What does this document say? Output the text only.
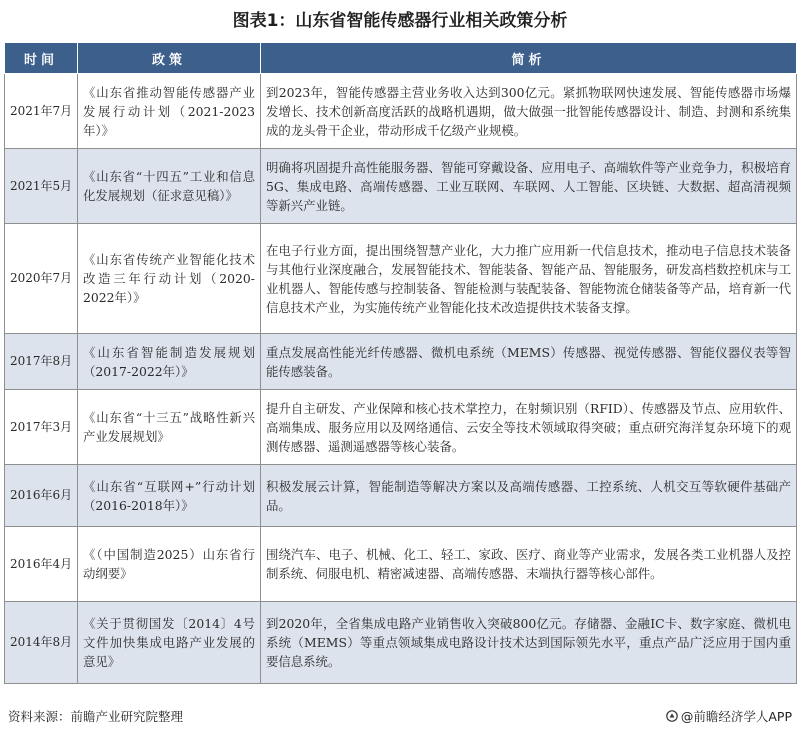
图表1：山东省智能传感器行业相关政策分析
时间	政策	简析
2021年7月	《山东省推动智能传感器产业发展行动计划（2021-2023年）》	到2023年，智能传感器主营业务收入达到300亿元。紧抓物联网快速发展、智能传感器市场爆发增长、技术创新高度活跃的战略机遇期，做大做强一批智能传感器设计、制造、封测和系统集成的龙头骨干企业，带动形成千亿级产业规模。
2021年5月	《山东省“十四五”工业和信息化发展规划（征求意见稿）》	明确将巩固提升高性能服务器、智能可穿戴设备、应用电子、高端软件等产业竞争力，积极培育5G、集成电路、高端传感器、工业互联网、车联网、人工智能、区块链、大数据、超高清视频等新兴产业链。
2020年7月	《山东省传统产业智能化技术改造三年行动计划（2020-2022年）》	在电子行业方面，提出围绕智慧产业化，大力推广应用新一代信息技术，推动电子信息技术装备与其他行业深度融合，发展智能技术、智能装备、智能产品、智能服务，研发高档数控机床与工业机器人、智能传感与控制装备、智能检测与装配装备、智能物流仓储装备等产品，培育新一代信息技术产业，为实施传统产业智能化技术改造提供技术装备支撑。
2017年8月	《山东省智能制造发展规划（2017-2022年）》	重点发展高性能光纤传感器、微机电系统（MEMS）传感器、视觉传感器、智能仪器仪表等智能传感装备。
2017年3月	《山东省“十三五”战略性新兴产业发展规划》	提升自主研发、产业保障和核心技术掌控力，在射频识别（RFID）、传感器及节点、应用软件、高端集成、服务应用以及网络通信、云安全等技术领域取得突破；重点研究海洋复杂环境下的观测传感器、遥测遥感器等核心装备。
2016年6月	《山东省“互联网+”行动计划（2016-2018年）》	积极发展云计算，智能制造等解决方案以及高端传感器、工控系统、人机交互等软硬件基础产品。
2016年4月	《（中国制造2025）山东省行动纲要》	围绕汽车、电子、机械、化工、轻工、家政、医疗、商业等产业需求，发展各类工业机器人及控制系统、伺服电机、精密减速器、高端传感器、末端执行器等核心部件。
2014年8月	《关于贯彻国发〔2014〕4号文件加快集成电路产业发展的意见》	到2020年，全省集成电路产业销售收入突破800亿元。存储器、金融IC卡、数字家庭、微机电系统（MEMS）等重点领域集成电路设计技术达到国际领先水平，重点产品广泛应用于国内重要信息系统。
资料来源：前瞻产业研究院整理	@前瞻经济学人APP
